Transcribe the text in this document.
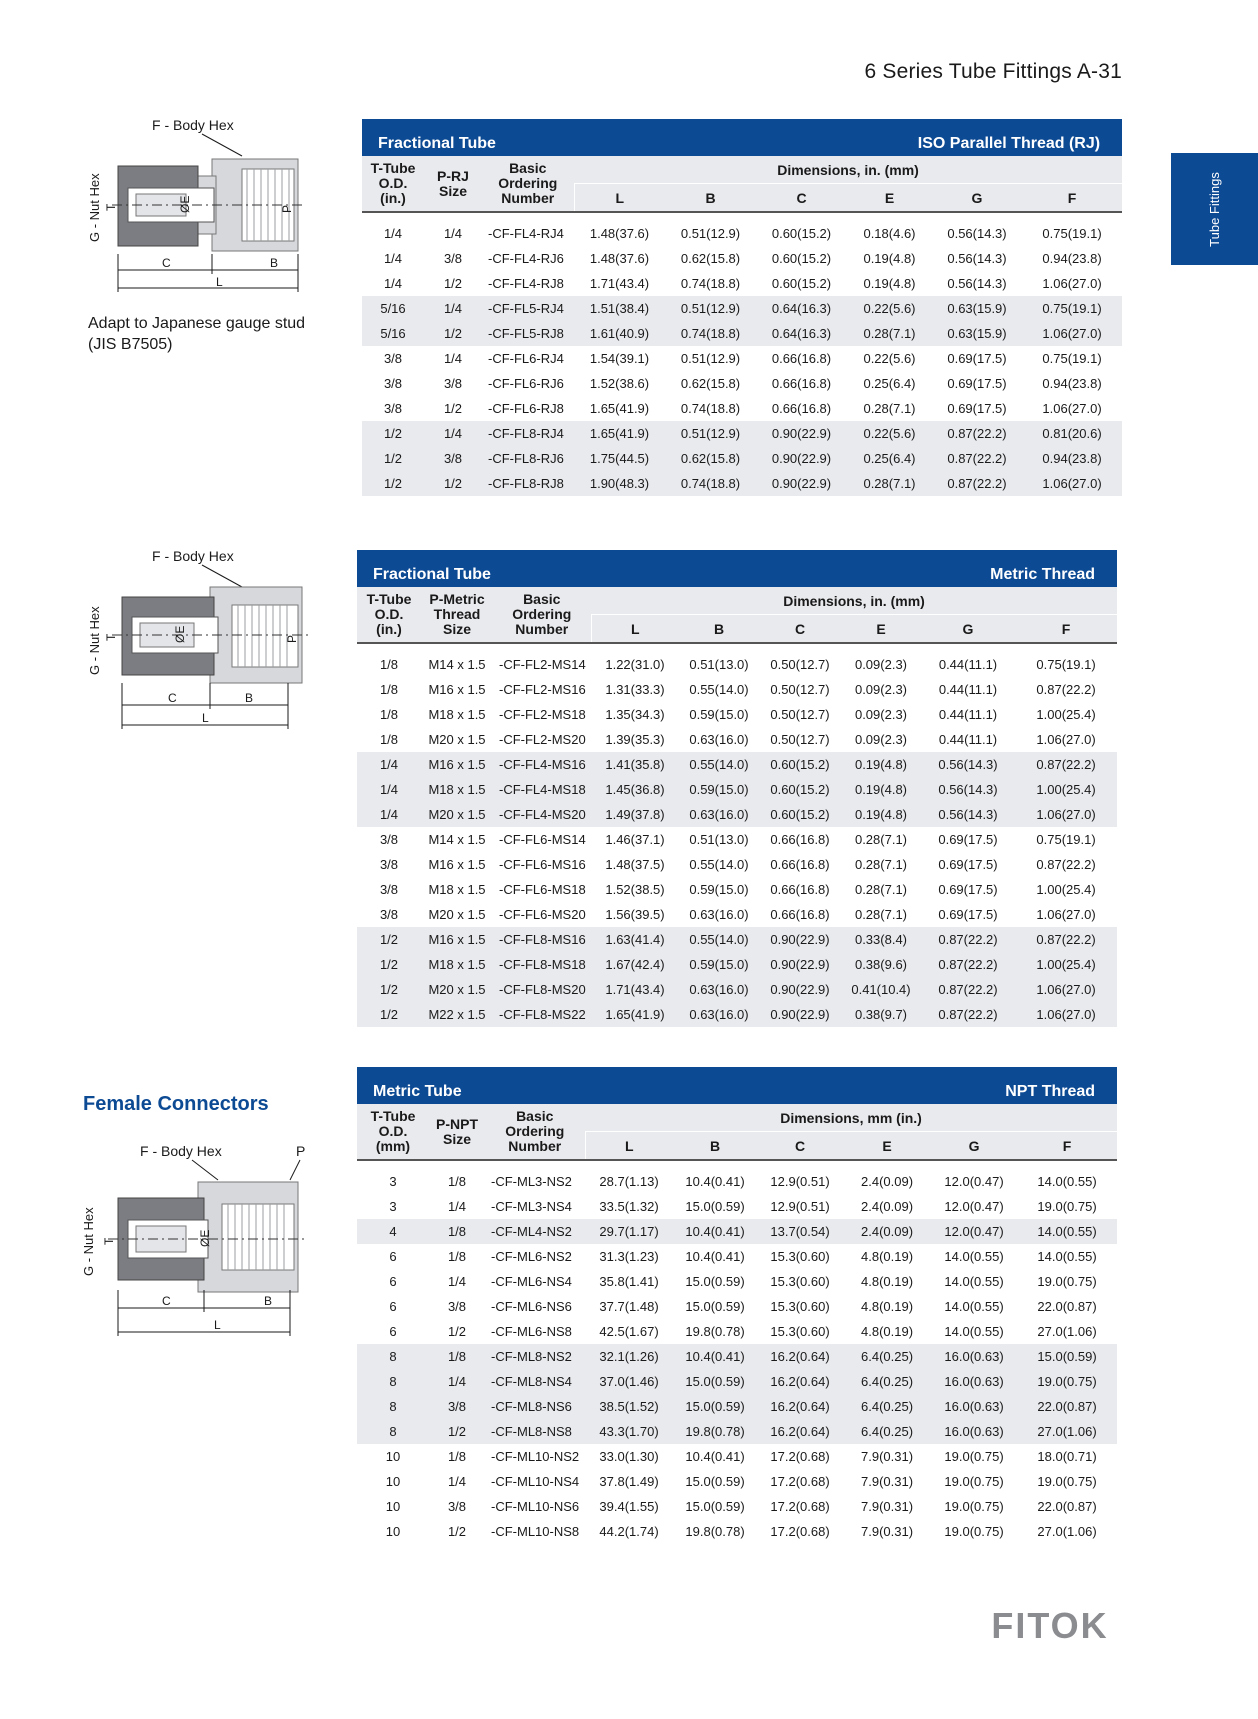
6 Series Tube Fittings A-31
Tube Fittings
F - Body Hex
G - Nut Hex T	ØE	P
C	B
L
Adapt to Japanese gauge stud
(JIS B7505)
F - Body Hex
G - Nut Hex T	ØE	P
C	B
L
Female Connectors
F - Body Hex	P
G - Nut Hex T	ØE
C	B
L
Fractional Tube				ISO Parallel Thread (RJ)				
T-Tube
O.D.
(in.)	P-RJ
Size	Basic
Ordering
Number	Dimensions, in. (mm)					
			L	B	C	E	G	F

1/4	1/4	-CF-FL4-RJ4	1.48(37.6)	0.51(12.9)	0.60(15.2)	0.18(4.6)	0.56(14.3)	0.75(19.1)
1/4	3/8	-CF-FL4-RJ6	1.48(37.6)	0.62(15.8)	0.60(15.2)	0.19(4.8)	0.56(14.3)	0.94(23.8)
1/4	1/2	-CF-FL4-RJ8	1.71(43.4)	0.74(18.8)	0.60(15.2)	0.19(4.8)	0.56(14.3)	1.06(27.0)
5/16	1/4	-CF-FL5-RJ4	1.51(38.4)	0.51(12.9)	0.64(16.3)	0.22(5.6)	0.63(15.9)	0.75(19.1)
5/16	1/2	-CF-FL5-RJ8	1.61(40.9)	0.74(18.8)	0.64(16.3)	0.28(7.1)	0.63(15.9)	1.06(27.0)
3/8	1/4	-CF-FL6-RJ4	1.54(39.1)	0.51(12.9)	0.66(16.8)	0.22(5.6)	0.69(17.5)	0.75(19.1)
3/8	3/8	-CF-FL6-RJ6	1.52(38.6)	0.62(15.8)	0.66(16.8)	0.25(6.4)	0.69(17.5)	0.94(23.8)
3/8	1/2	-CF-FL6-RJ8	1.65(41.9)	0.74(18.8)	0.66(16.8)	0.28(7.1)	0.69(17.5)	1.06(27.0)
1/2	1/4	-CF-FL8-RJ4	1.65(41.9)	0.51(12.9)	0.90(22.9)	0.22(5.6)	0.87(22.2)	0.81(20.6)
1/2	3/8	-CF-FL8-RJ6	1.75(44.5)	0.62(15.8)	0.90(22.9)	0.25(6.4)	0.87(22.2)	0.94(23.8)
1/2	1/2	-CF-FL8-RJ8	1.90(48.3)	0.74(18.8)	0.90(22.9)	0.28(7.1)	0.87(22.2)	1.06(27.0)
Fractional Tube				Metric Thread				
T-Tube
O.D.
(in.)	P-Metric
Thread
Size	Basic
Ordering
Number	Dimensions, in. (mm)					
			L	B	C	E	G	F

1/8	M14 x 1.5	-CF-FL2-MS14	1.22(31.0)	0.51(13.0)	0.50(12.7)	0.09(2.3)	0.44(11.1)	0.75(19.1)
1/8	M16 x 1.5	-CF-FL2-MS16	1.31(33.3)	0.55(14.0)	0.50(12.7)	0.09(2.3)	0.44(11.1)	0.87(22.2)
1/8	M18 x 1.5	-CF-FL2-MS18	1.35(34.3)	0.59(15.0)	0.50(12.7)	0.09(2.3)	0.44(11.1)	1.00(25.4)
1/8	M20 x 1.5	-CF-FL2-MS20	1.39(35.3)	0.63(16.0)	0.50(12.7)	0.09(2.3)	0.44(11.1)	1.06(27.0)
1/4	M16 x 1.5	-CF-FL4-MS16	1.41(35.8)	0.55(14.0)	0.60(15.2)	0.19(4.8)	0.56(14.3)	0.87(22.2)
1/4	M18 x 1.5	-CF-FL4-MS18	1.45(36.8)	0.59(15.0)	0.60(15.2)	0.19(4.8)	0.56(14.3)	1.00(25.4)
1/4	M20 x 1.5	-CF-FL4-MS20	1.49(37.8)	0.63(16.0)	0.60(15.2)	0.19(4.8)	0.56(14.3)	1.06(27.0)
3/8	M14 x 1.5	-CF-FL6-MS14	1.46(37.1)	0.51(13.0)	0.66(16.8)	0.28(7.1)	0.69(17.5)	0.75(19.1)
3/8	M16 x 1.5	-CF-FL6-MS16	1.48(37.5)	0.55(14.0)	0.66(16.8)	0.28(7.1)	0.69(17.5)	0.87(22.2)
3/8	M18 x 1.5	-CF-FL6-MS18	1.52(38.5)	0.59(15.0)	0.66(16.8)	0.28(7.1)	0.69(17.5)	1.00(25.4)
3/8	M20 x 1.5	-CF-FL6-MS20	1.56(39.5)	0.63(16.0)	0.66(16.8)	0.28(7.1)	0.69(17.5)	1.06(27.0)
1/2	M16 x 1.5	-CF-FL8-MS16	1.63(41.4)	0.55(14.0)	0.90(22.9)	0.33(8.4)	0.87(22.2)	0.87(22.2)
1/2	M18 x 1.5	-CF-FL8-MS18	1.67(42.4)	0.59(15.0)	0.90(22.9)	0.38(9.6)	0.87(22.2)	1.00(25.4)
1/2	M20 x 1.5	-CF-FL8-MS20	1.71(43.4)	0.63(16.0)	0.90(22.9)	0.41(10.4)	0.87(22.2)	1.06(27.0)
1/2	M22 x 1.5	-CF-FL8-MS22	1.65(41.9)	0.63(16.0)	0.90(22.9)	0.38(9.7)	0.87(22.2)	1.06(27.0)
Metric Tube				NPT Thread				
T-Tube
O.D.
(mm)	P-NPT
Size	Basic
Ordering
Number	Dimensions, mm (in.)					
			L	B	C	E	G	F

3	1/8	-CF-ML3-NS2	28.7(1.13)	10.4(0.41)	12.9(0.51)	2.4(0.09)	12.0(0.47)	14.0(0.55)
3	1/4	-CF-ML3-NS4	33.5(1.32)	15.0(0.59)	12.9(0.51)	2.4(0.09)	12.0(0.47)	19.0(0.75)
4	1/8	-CF-ML4-NS2	29.7(1.17)	10.4(0.41)	13.7(0.54)	2.4(0.09)	12.0(0.47)	14.0(0.55)
6	1/8	-CF-ML6-NS2	31.3(1.23)	10.4(0.41)	15.3(0.60)	4.8(0.19)	14.0(0.55)	14.0(0.55)
6	1/4	-CF-ML6-NS4	35.8(1.41)	15.0(0.59)	15.3(0.60)	4.8(0.19)	14.0(0.55)	19.0(0.75)
6	3/8	-CF-ML6-NS6	37.7(1.48)	15.0(0.59)	15.3(0.60)	4.8(0.19)	14.0(0.55)	22.0(0.87)
6	1/2	-CF-ML6-NS8	42.5(1.67)	19.8(0.78)	15.3(0.60)	4.8(0.19)	14.0(0.55)	27.0(1.06)
8	1/8	-CF-ML8-NS2	32.1(1.26)	10.4(0.41)	16.2(0.64)	6.4(0.25)	16.0(0.63)	15.0(0.59)
8	1/4	-CF-ML8-NS4	37.0(1.46)	15.0(0.59)	16.2(0.64)	6.4(0.25)	16.0(0.63)	19.0(0.75)
8	3/8	-CF-ML8-NS6	38.5(1.52)	15.0(0.59)	16.2(0.64)	6.4(0.25)	16.0(0.63)	22.0(0.87)
8	1/2	-CF-ML8-NS8	43.3(1.70)	19.8(0.78)	16.2(0.64)	6.4(0.25)	16.0(0.63)	27.0(1.06)
10	1/8	-CF-ML10-NS2	33.0(1.30)	10.4(0.41)	17.2(0.68)	7.9(0.31)	19.0(0.75)	18.0(0.71)
10	1/4	-CF-ML10-NS4	37.8(1.49)	15.0(0.59)	17.2(0.68)	7.9(0.31)	19.0(0.75)	19.0(0.75)
10	3/8	-CF-ML10-NS6	39.4(1.55)	15.0(0.59)	17.2(0.68)	7.9(0.31)	19.0(0.75)	22.0(0.87)
10	1/2	-CF-ML10-NS8	44.2(1.74)	19.8(0.78)	17.2(0.68)	7.9(0.31)	19.0(0.75)	27.0(1.06)
FITOK
